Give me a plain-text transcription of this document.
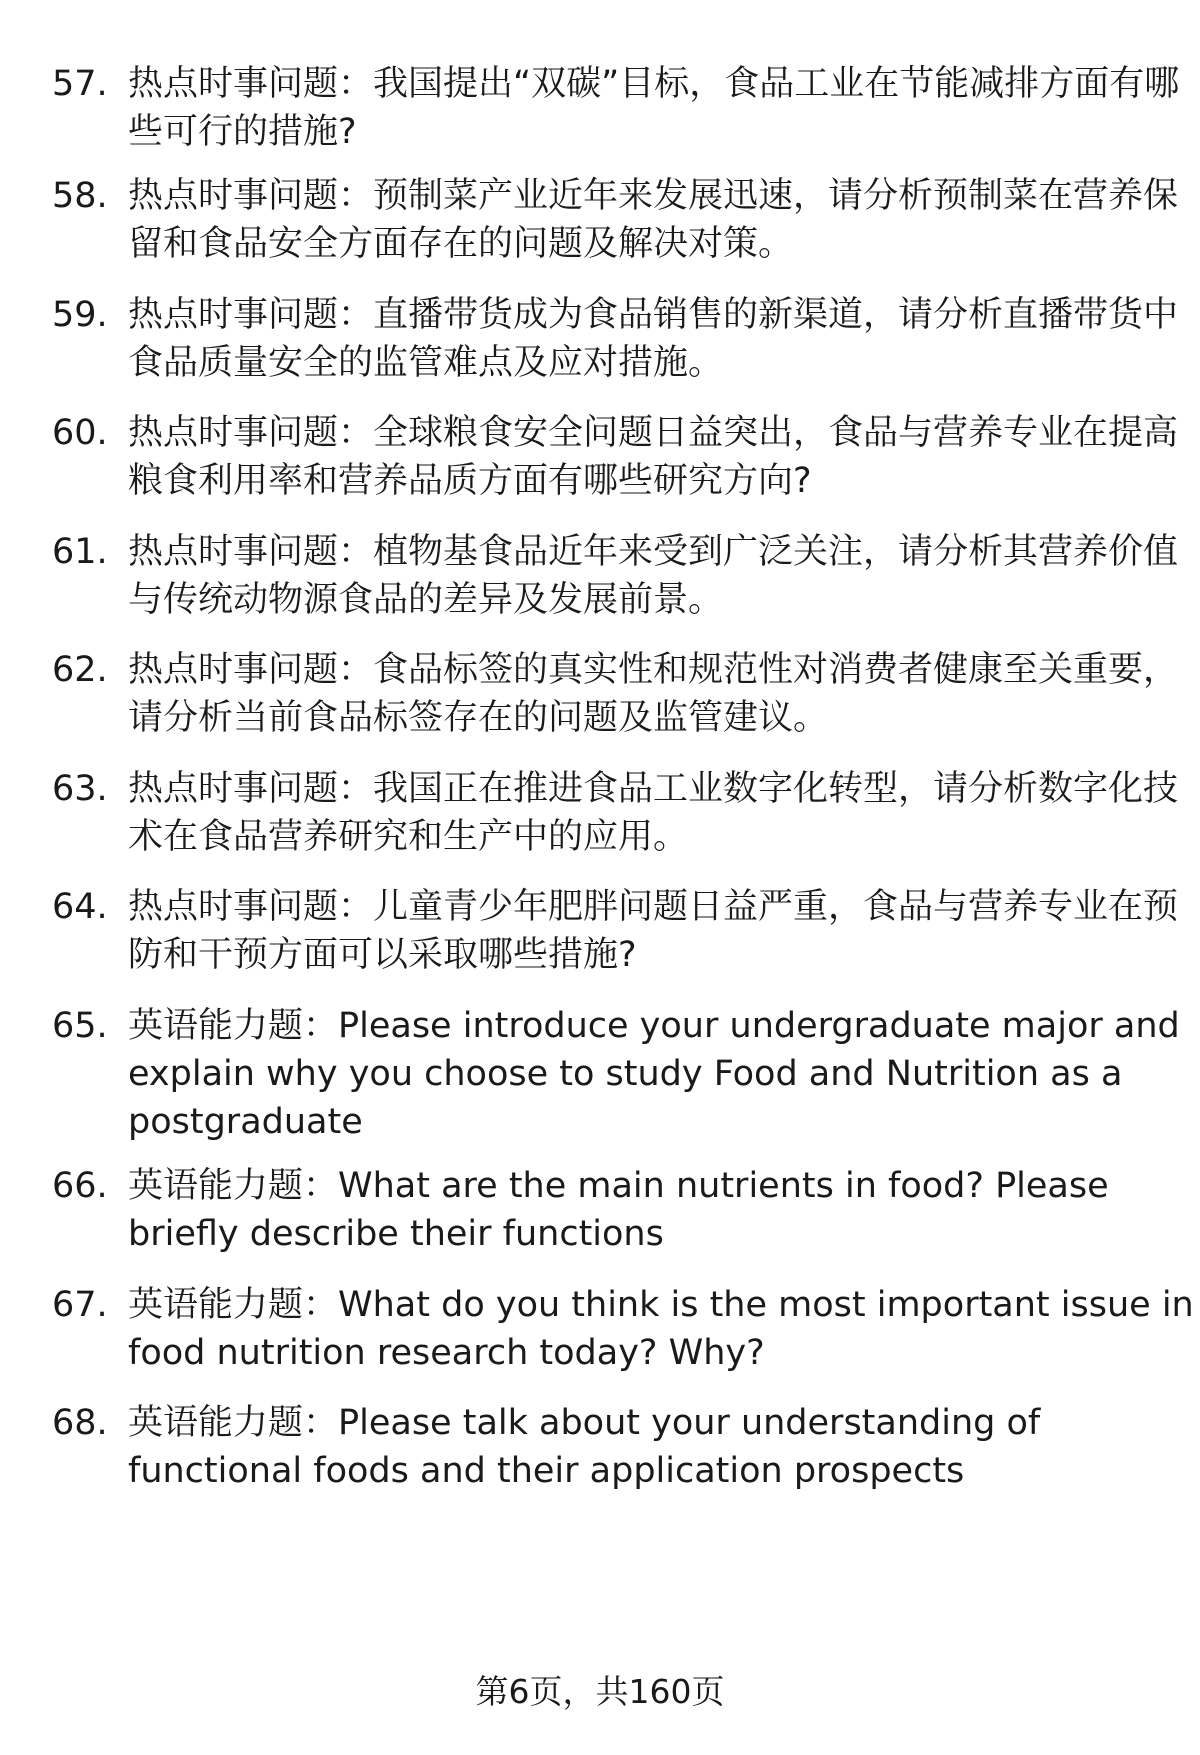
57. 热点时事问题：我国提出“双碳”目标，食品工业在节能减排方面有哪些可行的措施?
58. 热点时事问题：预制菜产业近年来发展迅速，请分析预制菜在营养保留和食品安全方面存在的问题及解决对策。
59. 热点时事问题：直播带货成为食品销售的新渠道，请分析直播带货中食品质量安全的监管难点及应对措施。
60. 热点时事问题：全球粮食安全问题日益突出，食品与营养专业在提高粮食利用率和营养品质方面有哪些研究方向?
61. 热点时事问题：植物基食品近年来受到广泛关注，请分析其营养价值与传统动物源食品的差异及发展前景。
62. 热点时事问题：食品标签的真实性和规范性对消费者健康至关重要，请分析当前食品标签存在的问题及监管建议。
63. 热点时事问题：我国正在推进食品工业数字化转型，请分析数字化技术在食品营养研究和生产中的应用。
64. 热点时事问题：儿童青少年肥胖问题日益严重，食品与营养专业在预防和干预方面可以采取哪些措施?
65. 英语能力题：Please introduce your undergraduate major and explain why you choose to study Food and Nutrition as a postgraduate
66. 英语能力题：What are the main nutrients in food? Please briefly describe their functions
67. 英语能力题：What do you think is the most important issue in food nutrition research today? Why?
68. 英语能力题：Please talk about your understanding of functional foods and their application prospects
第6页，共160页
